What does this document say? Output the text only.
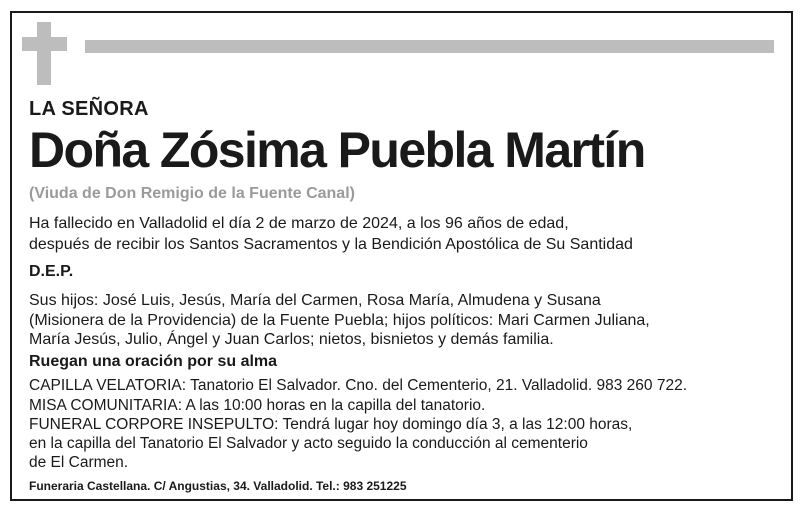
LA SEÑORA
Doña Zósima Puebla Martín
(Viuda de Don Remigio de la Fuente Canal)
Ha fallecido en Valladolid el día 2 de marzo de 2024, a los 96 años de edad,
después de recibir los Santos Sacramentos y la Bendición Apostólica de Su Santidad
D.E.P.
Sus hijos: José Luis, Jesús, María del Carmen, Rosa María, Almudena y Susana
(Misionera de la Providencia) de la Fuente Puebla; hijos políticos: Mari Carmen Juliana,
María Jesús, Julio, Ángel y Juan Carlos; nietos, bisnietos y demás familia.
Ruegan una oración por su alma
CAPILLA VELATORIA: Tanatorio El Salvador. Cno. del Cementerio, 21. Valladolid. 983 260 722.
MISA COMUNITARIA: A las 10:00 horas en la capilla del tanatorio.
FUNERAL CORPORE INSEPULTO: Tendrá lugar hoy domingo día 3, a las 12:00 horas,
en la capilla del Tanatorio El Salvador y acto seguido la conducción al cementerio
de El Carmen.
Funeraria Castellana. C/ Angustias, 34. Valladolid. Tel.: 983 251225
